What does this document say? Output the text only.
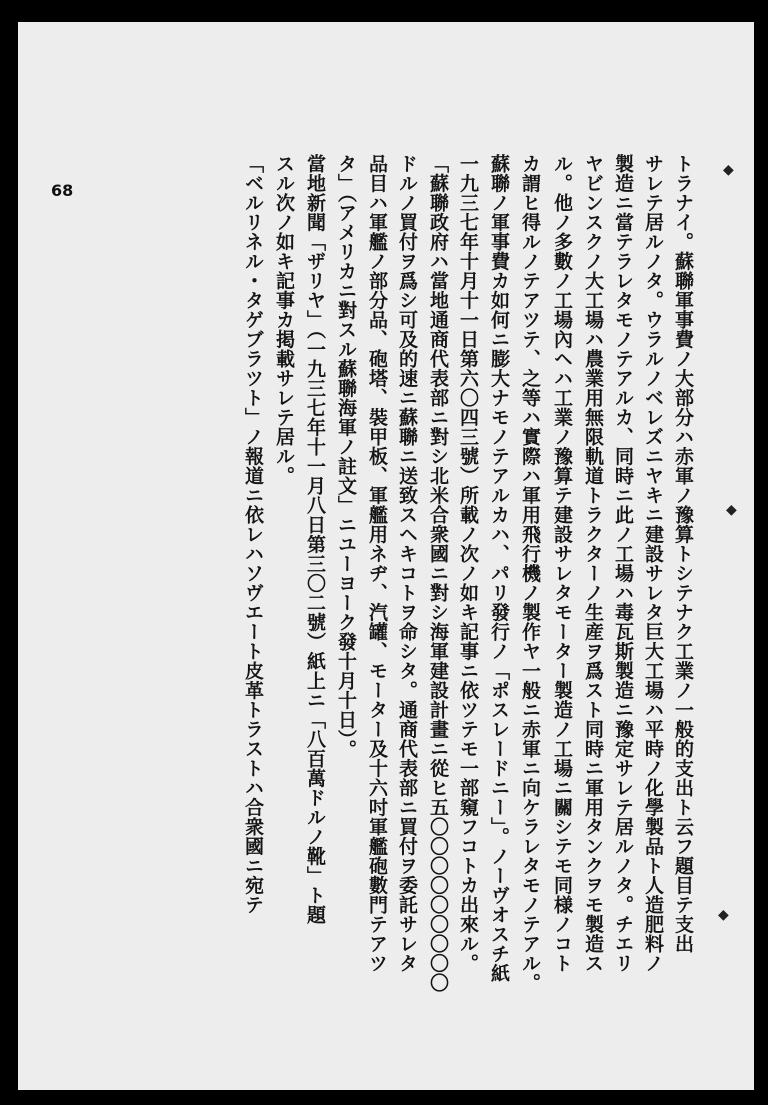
68	トラナイ。蘇聯軍事費ノ大部分ハ赤軍ノ豫算トシテナク工業ノ一般的支出ト云フ題目テ支出
サレテ居ルノタ。ウラルノベレズニヤキニ建設サレタ巨大工場ハ平時ノ化學製品ト人造肥料ノ
製造ニ當テラレタモノテアルカ、同時ニ此ノ工場ハ毒瓦斯製造ニ豫定サレテ居ルノタ。チエリ
ヤビンスクノ大工場ハ農業用無限軌道トラクターノ生産ヲ爲スト同時ニ軍用タンクヲモ製造ス
ル。他ノ多數ノ工場內ヘハ工業ノ豫算テ建設サレタモーター製造ノ工場ニ關シテモ同様ノコト
カ謂ヒ得ルノテアツテ、之等ハ實際ハ軍用飛行機ノ製作ヤ一般ニ赤軍ニ向ケラレタモノテアル。
蘇聯ノ軍事費カ如何ニ膨大ナモノテアルカハ、パリ發行ノ「ポスレードニー」。ノーヴオスチ紙
一九三七年十月十一日第六〇四三號）所載ノ次ノ如キ記事ニ依ツテモ一部窺フコトカ出來ル。
「蘇聯政府ハ當地通商代表部ニ對シ北米合衆國ニ對シ海軍建設計畫ニ從ヒ五〇〇〇〇〇〇〇〇〇
ドルノ買付ヲ爲シ可及的速ニ蘇聯ニ送致スヘキコトヲ命シタ。通商代表部ニ買付ヲ委託サレタ
品目ハ軍艦ノ部分品、砲塔、裝甲板、軍艦用ネヂ、汽罐、モーター及十六吋軍艦砲數門テアツ
タ」（アメリカニ對スル蘇聯海軍ノ註文」ニユーヨーク發十月十日）。
當地新聞「ザリヤ」（一九三七年十一月八日第三〇二號）紙上ニ「八百萬ドルノ靴」ト題
スル次ノ如キ記事カ掲載サレテ居ル。
「ベルリネル・タゲブラツト」ノ報道ニ依レハソヴエート皮革トラストハ合衆國ニ宛テ	◆
◆
◆
